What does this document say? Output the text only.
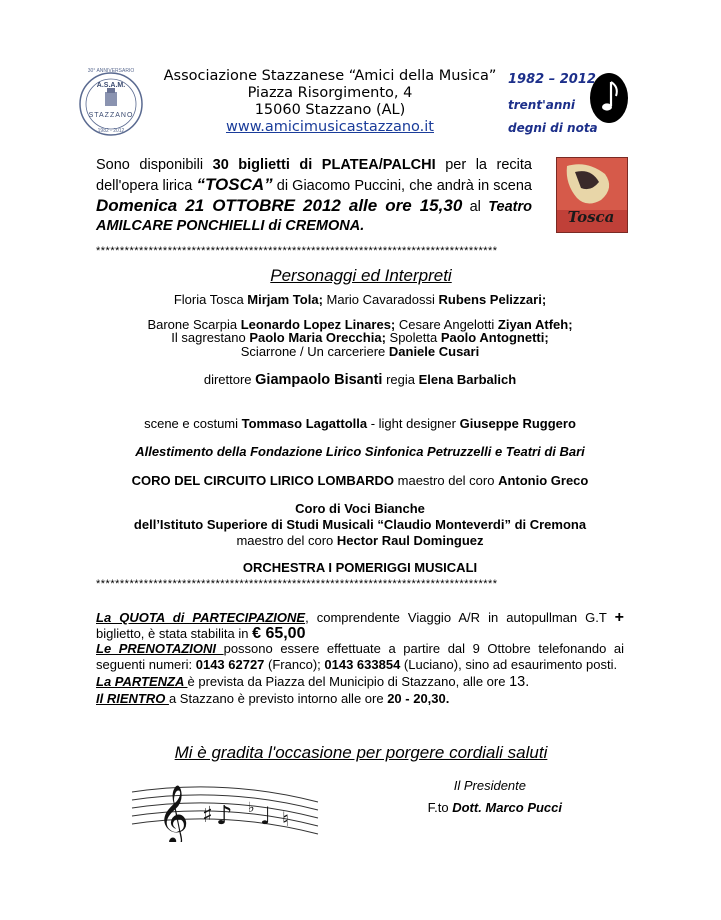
30° ANNIVERSARIO
A.S.A.M.
STAZZANO
1982 - 2012
Associazione Stazzanese “Amici della Musica”
Piazza Risorgimento, 4
15060 Stazzano (AL)
www.amicimusicastazzano.it
1982 – 2012
trent'anni
degni di nota
Sono disponibili 30 biglietti di PLATEA/PALCHI per la recita dell'opera lirica “TOSCA” di Giacomo Puccini, che andrà in scena Domenica 21 OTTOBRE 2012 alle ore 15,30 al Teatro AMILCARE PONCHIELLI di CREMONA.	Tosca
************************************************************************************
Personaggi ed Interpreti
Floria Tosca Mirjam Tola; Mario Cavaradossi Rubens Pelizzari;
Barone Scarpia Leonardo Lopez Linares; Cesare Angelotti Ziyan Atfeh;
Il sagrestano Paolo Maria Orecchia; Spoletta Paolo Antognetti;
Sciarrone / Un carceriere Daniele Cusari
direttore Giampaolo Bisanti regia Elena Barbalich
scene e costumi Tommaso Lagattolla - light designer Giuseppe Ruggero
Allestimento della Fondazione Lirico Sinfonica Petruzzelli e Teatri di Bari
CORO DEL CIRCUITO LIRICO LOMBARDO maestro del coro Antonio Greco
Coro di Voci Bianche
dell’Istituto Superiore di Studi Musicali “Claudio Monteverdi” di Cremona
maestro del coro Hector Raul Dominguez
ORCHESTRA I POMERIGGI MUSICALI
************************************************************************************
La QUOTA di PARTECIPAZIONE, comprendente Viaggio A/R in autopullman G.T + biglietto, è stata stabilita in € 65,00
Le PRENOTAZIONI possono essere effettuate a partire dal 9 Ottobre telefonando ai seguenti numeri: 0143 62727 (Franco); 0143 633854 (Luciano), sino ad esaurimento posti.
La PARTENZA è prevista da Piazza del Municipio di Stazzano, alle ore 13.
Il RIENTRO a Stazzano è previsto intorno alle ore 20 - 20,30.
Mi è gradita l'occasione per porgere cordiali saluti
𝄞 ♯ ♪ ♭ ♩ ♮
Il Presidente
F.to Dott. Marco Pucci
